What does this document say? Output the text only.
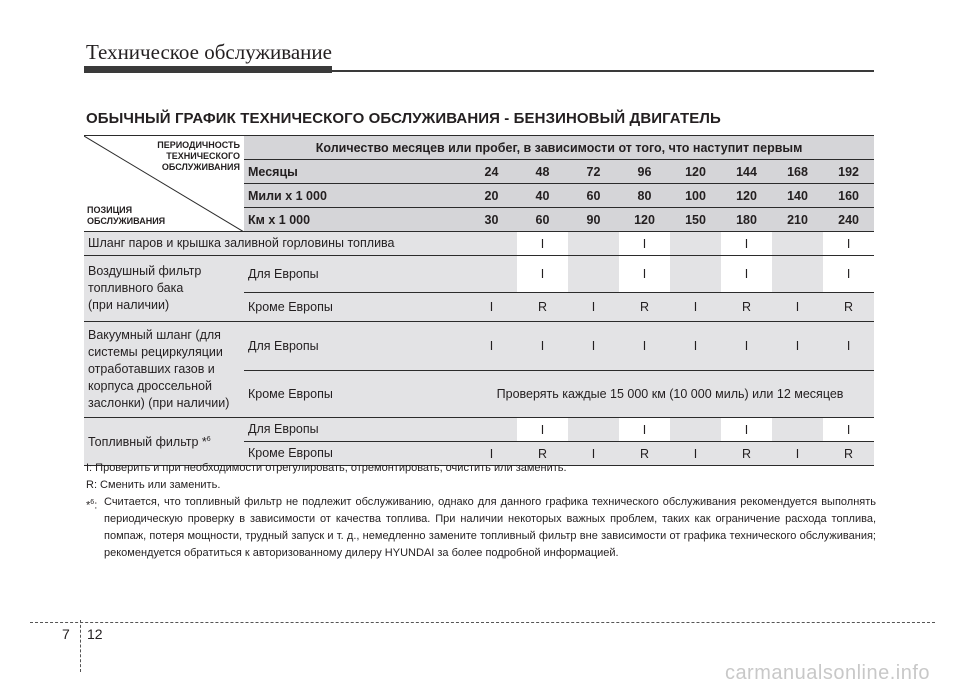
Техническое обслуживание
ОБЫЧНЫЙ ГРАФИК ТЕХНИЧЕСКОГО ОБСЛУЖИВАНИЯ - БЕНЗИНОВЫЙ ДВИГАТЕЛЬ
ПЕРИОДИЧНОСТЬ
ТЕХНИЧЕСКОГО
ОБСЛУЖИВАНИЯ
ПОЗИЦИЯ
ОБСЛУЖИВАНИЯ	Количество месяцев или пробег, в зависимости от того, что наступит первым								
	Месяцы	24	48	72	96	120	144	168	192
	Мили x 1 000	20	40	60	80	100	120	140	160
	Км x 1 000	30	60	90	120	150	180	210	240
Шланг паров и крышка заливной горловины топлива			I		I		I		I

Воздушный фильтр
топливного бака
(при наличии)	Для Европы		I		I		I		I
	Кроме Европы	I	R	I	R	I	R	I	R

Вакуумный шланг (для
системы рециркуляции
отработавших газов и
корпуса дроссельной
заслонки) (при наличии)	Для Европы	I	I	I	I	I	I	I	I
	Кроме Европы	Проверять каждые 15 000 км (10 000 миль) или 12 месяцев							
Топливный фильтр *$^6$	Для Европы		I		I		I		I
	Кроме Европы	I	R	I	R	I	R	I	R

I: Проверить и при необходимости отрегулировать, отремонтировать, очистить или заменить.

R: Сменить или заменить.

*$^6$: Считается, что топливный фильтр не подлежит обслуживанию, однако для данного графика технического обслуживания рекомендуется выполнять периодическую проверку в зависимости от качества топлива. При наличии некоторых важных проблем, таких как ограничение расхода топлива, помпаж, потеря мощности, трудный запуск и т. д., немедленно замените топливный фильтр вне зависимости от графика технического обслуживания; рекомендуется обратиться к авторизованному дилеру HYUNDAI за более подробной информацией.
7 12
carmanualsonline.info
